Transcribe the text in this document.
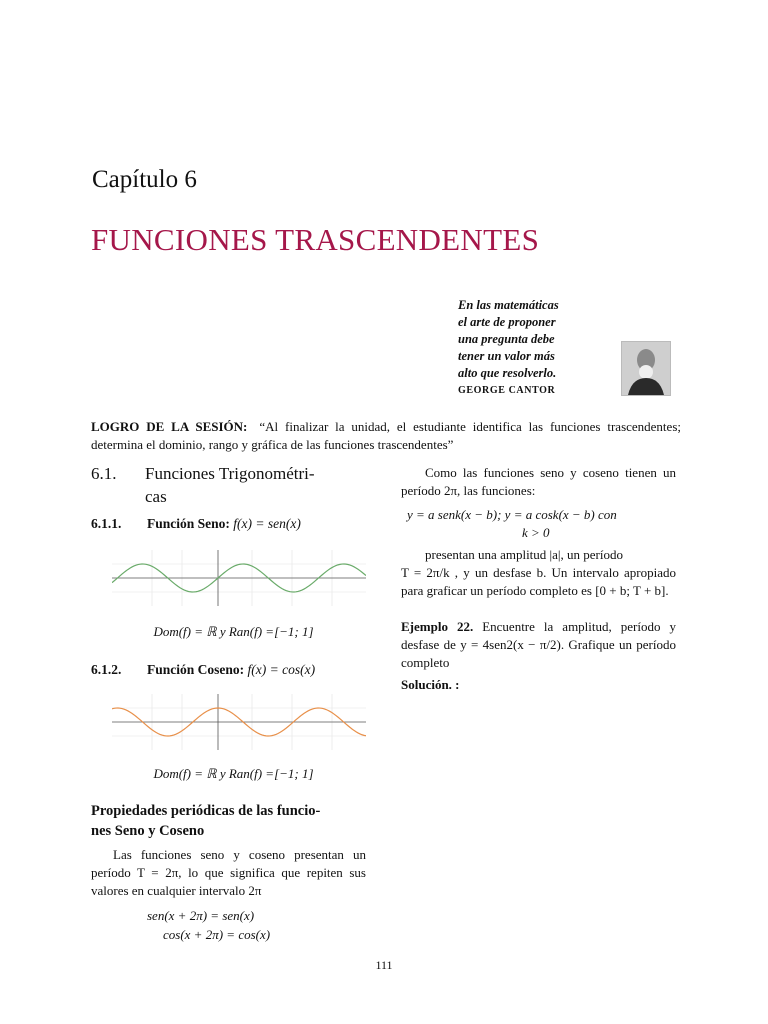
Capítulo 6
FUNCIONES TRASCENDENTES
En las matemáticas
el arte de proponer
una pregunta debe
tener un valor más
alto que resolverlo.
GEORGE CANTOR
LOGRO DE LA SESIÓN: “Al finalizar la unidad, el estudiante identifica las funciones trascendentes; determina el dominio, rango y gráfica de las funciones trascendentes”
6.1. Funciones Trigonométri-
cas
6.1.1. Función Seno: f(x) = sen(x)
Dom(f) = ℝ y Ran(f) =[−1; 1]
6.1.2. Función Coseno: f(x) = cos(x)
Dom(f) = ℝ y Ran(f) =[−1; 1]
Propiedades periódicas de las funcio-
nes Seno y Coseno
Las funciones seno y coseno presentan un período T = 2π, lo que significa que repiten sus valores en cualquier intervalo 2π
sen(x + 2π) = sen(x)
cos(x + 2π) = cos(x)
Como las funciones seno y coseno tienen un período 2π, las funciones:
y = a senk(x − b); y = a cosk(x − b) con
k > 0
presentan una amplitud |a|, un período
T = 2π/k , y un desfase b. Un intervalo apropiado para graficar un período completo es [0 + b; T + b].
Ejemplo 22. Encuentre la amplitud, período y desfase de y = 4sen2(x − π/2). Grafique un período completo
Solución. :
111
